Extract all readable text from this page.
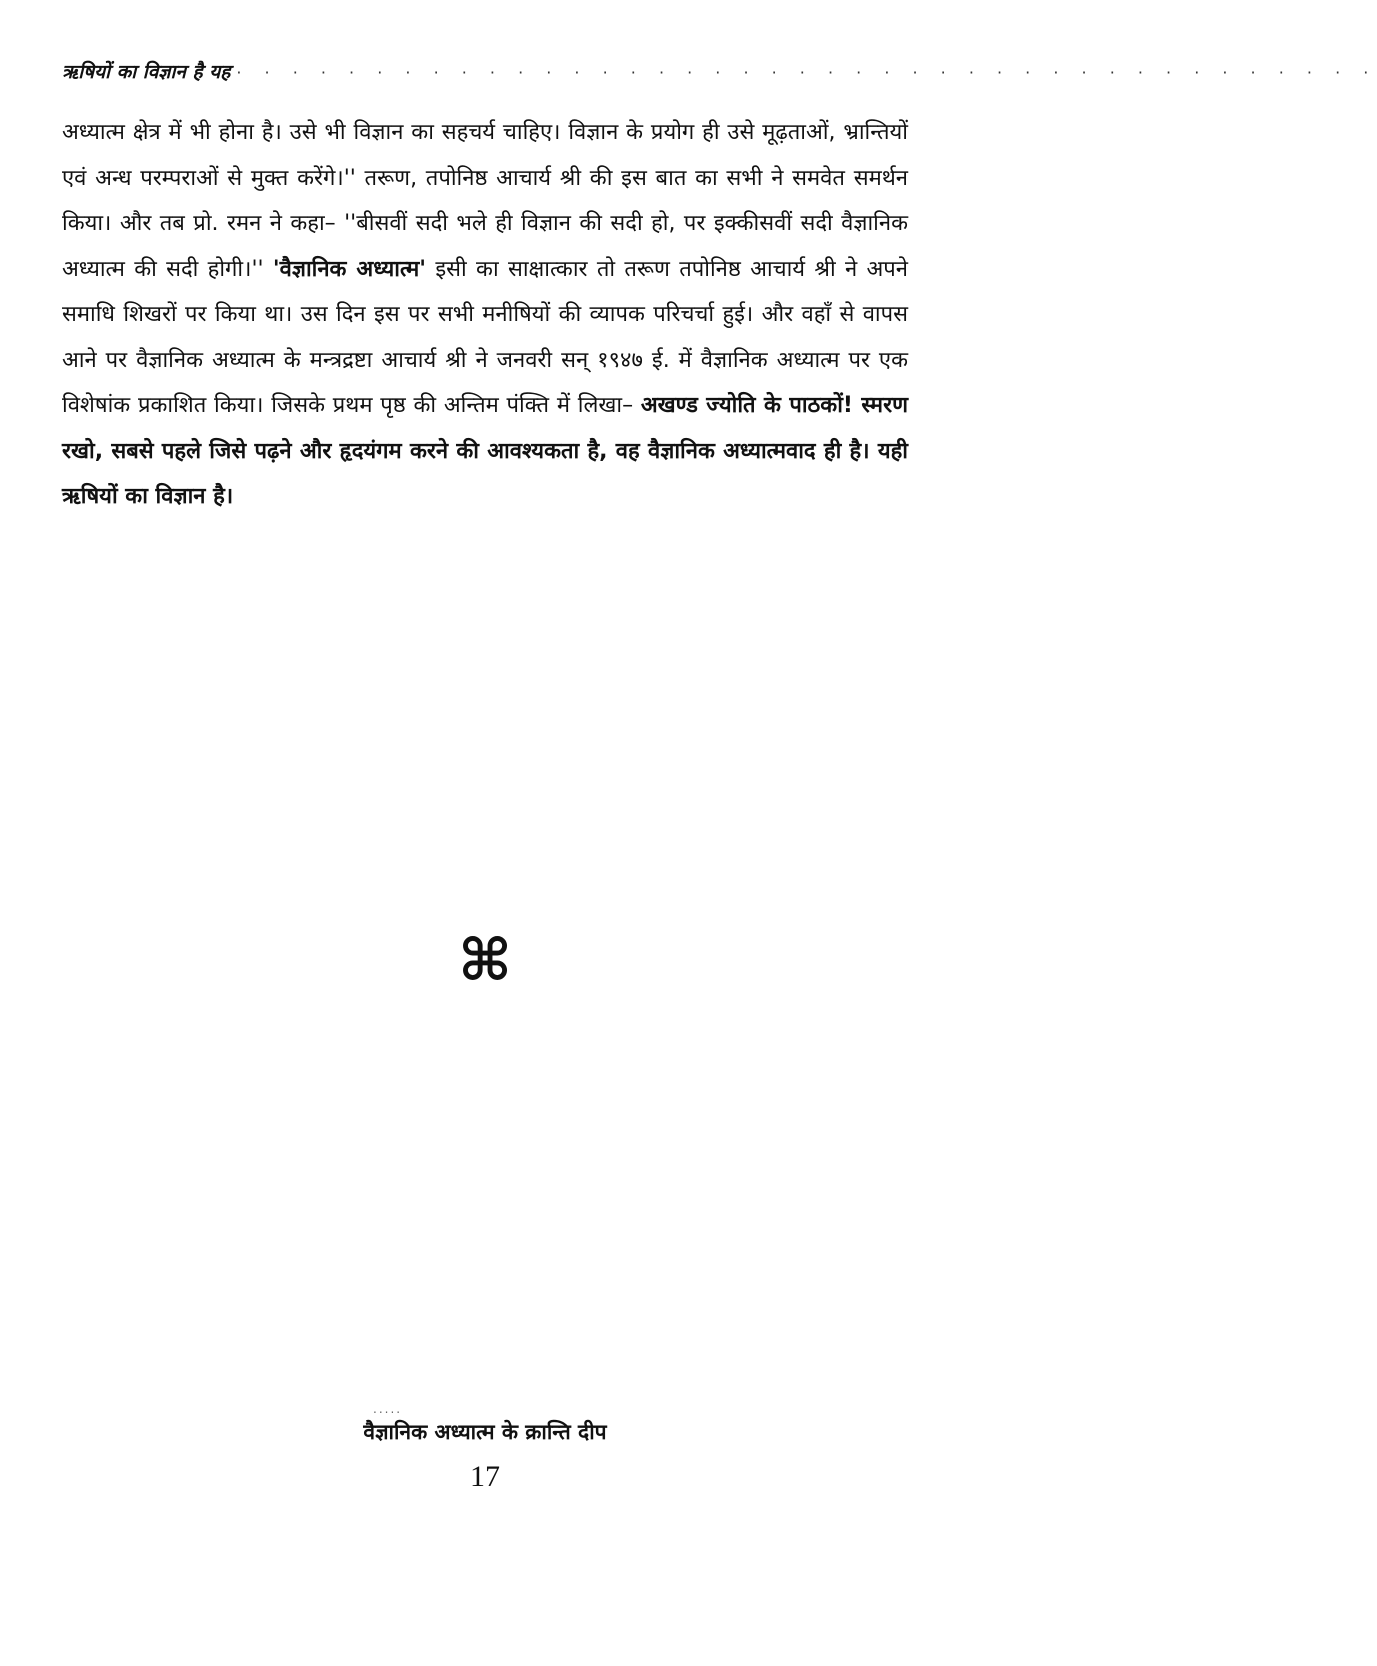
ऋषियों का विज्ञान है यह · · · · · · · · · · · · · · · · · · · · · · · · · · · · · · · · · · · · · · · · ·

अध्यात्म क्षेत्र में भी होना है। उसे भी विज्ञान का सहचर्य चाहिए। विज्ञान के प्रयोग ही उसे मूढ़ताओं, भ्रान्तियों एवं अन्ध परम्पराओं से मुक्त करेंगे।'' तरूण, तपोनिष्ठ आचार्य श्री की इस बात का सभी ने समवेत समर्थन किया। और तब प्रो. रमन ने कहा– ''बीसवीं सदी भले ही विज्ञान की सदी हो, पर इक्कीसवीं सदी वैज्ञानिक अध्यात्म की सदी होगी।'' 'वैज्ञानिक अध्यात्म' इसी का साक्षात्कार तो तरूण तपोनिष्ठ आचार्य श्री ने अपने समाधि शिखरों पर किया था। उस दिन इस पर सभी मनीषियों की व्यापक परिचर्चा हुई। और वहाँ से वापस आने पर वैज्ञानिक अध्यात्म के मन्त्रद्रष्टा आचार्य श्री ने जनवरी सन् १९४७ ई. में वैज्ञानिक अध्यात्म पर एक विशेषांक प्रकाशित किया। जिसके प्रथम पृष्ठ की अन्तिम पंक्ति में लिखा– अखण्ड ज्योति के पाठकों! स्मरण रखो, सबसे पहले जिसे पढ़ने और हृदयंगम करने की आवश्यकता है, वह वैज्ञानिक अध्यात्मवाद ही है। यही ऋषियों का विज्ञान है।

⌘
.....
वैज्ञानिक अध्यात्म के क्रान्ति दीप
17
